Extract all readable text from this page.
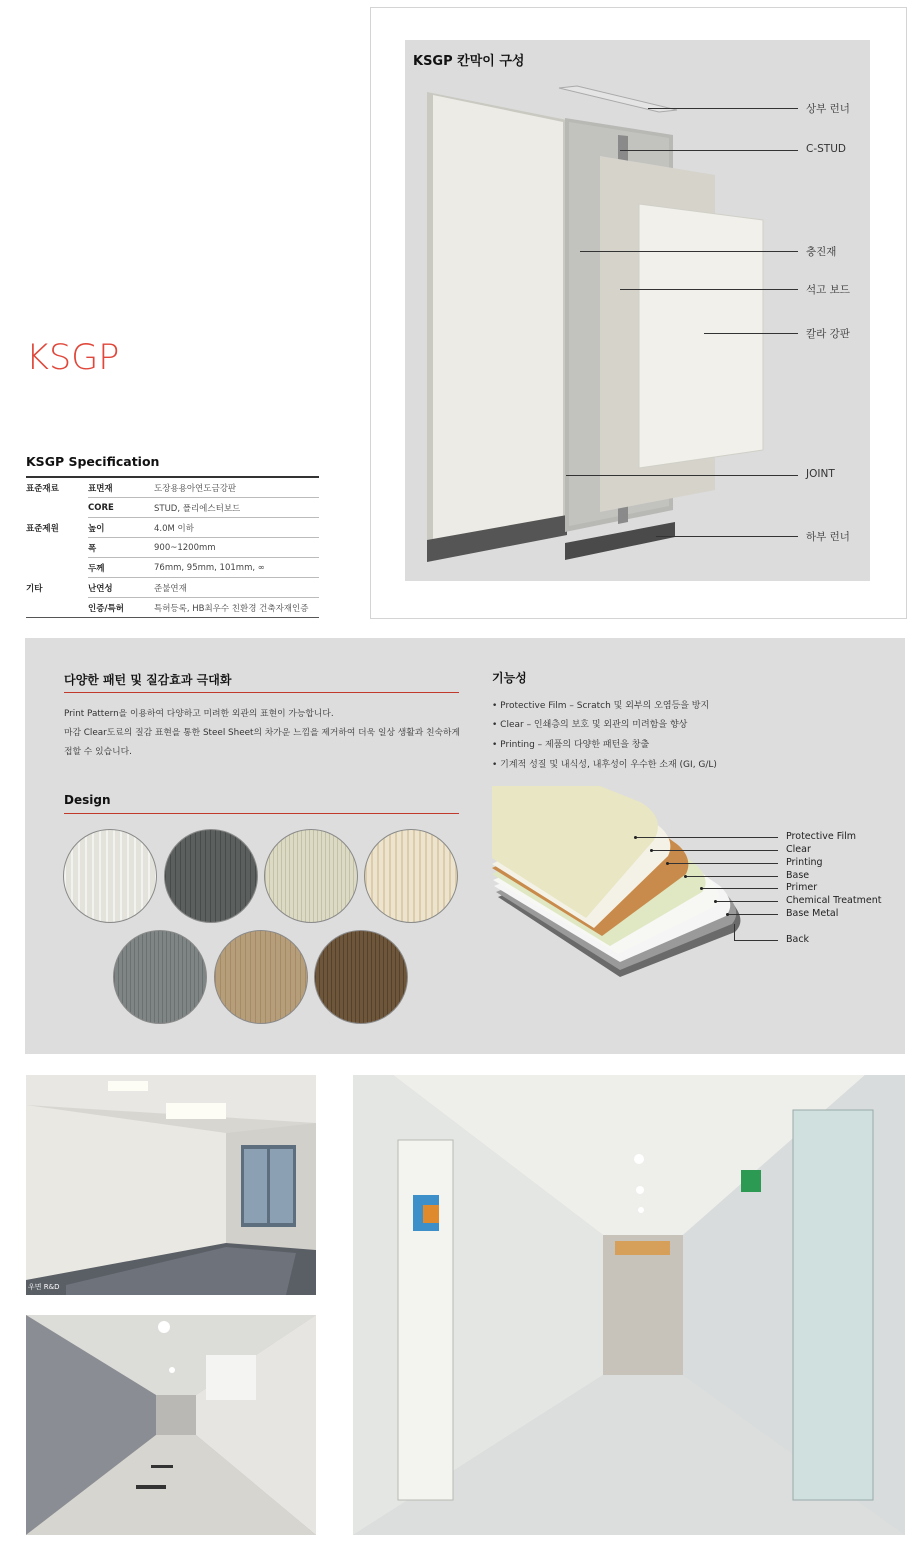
KSGP 칸막이 구성
상부 런너
C-STUD
충진재
석고 보드
칼라 강판
JOINT
하부 런너
KSGP
KSGP Specification
표준재료	표면재	도장용용아연도금강판
	CORE	STUD, 폴리에스터보드
표준제원	높이	4.0M 이하
	폭	900~1200mm
	두께	76mm, 95mm, 101mm, ∞
기타	난연성	준불연재
	인증/특허	특허등록, HB최우수 친환경 건축자재인증
다양한 패턴 및 질감효과 극대화
Print Pattern을 이용하여 다양하고 미려한 외관의 표현이 가능합니다.
마감 Clear도료의 질감 표현을 통한 Steel Sheet의 차가운 느낌을 제거하여 더욱 일상 생활과 친숙하게
접할 수 있습니다.
Design
기능성
• Protective Film – Scratch 및 외부의 오염등을 방지
• Clear – 인쇄층의 보호 및 외관의 미려함을 향상
• Printing – 제품의 다양한 패턴을 창출
• 기계적 성질 및 내식성, 내후성이 우수한 소재 (GI, G/L)
Protective Film
Clear
Printing
Base
Primer
Chemical Treatment
Base Metal
Back
우면 R&D
